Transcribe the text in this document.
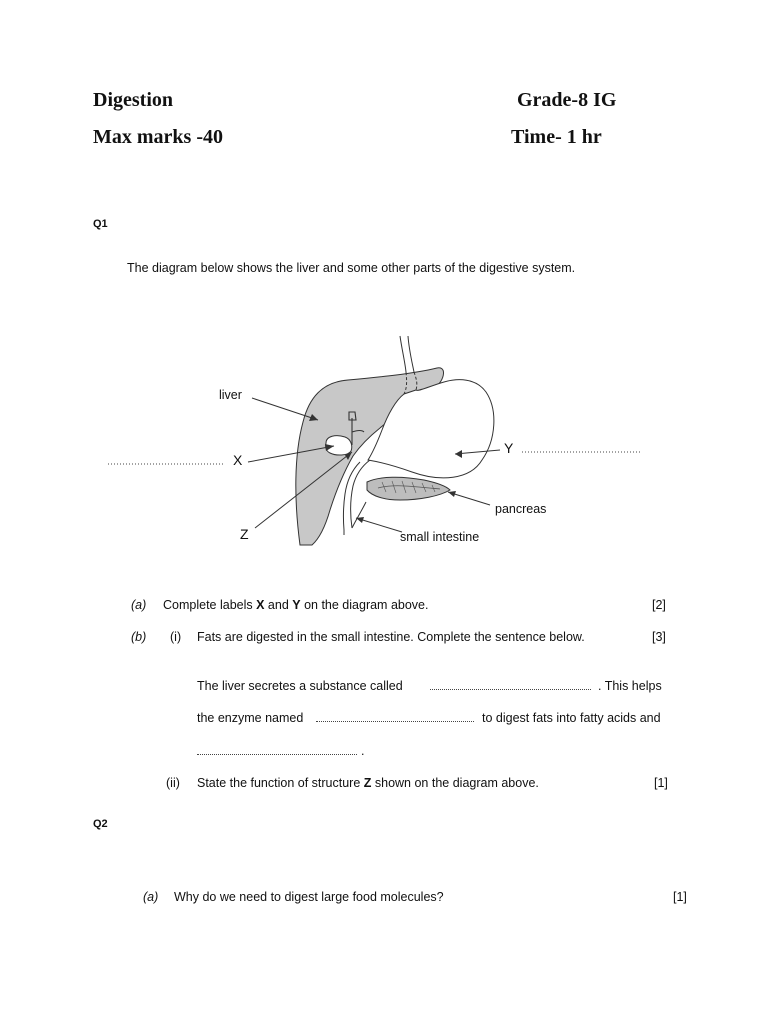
Digestion	Grade-8 IG
Max marks -40	Time- 1 hr
Q1
The diagram below shows the liver and some other parts of the digestive system.
liver
X
Y
Z
pancreas
small intestine
(a) Complete labels X and Y on the diagram above.	[2]
(b) (i) Fats are digested in the small intestine. Complete the sentence below.	[3]
The liver secretes a substance called	. This helps
the enzyme named	to digest fats into fatty acids and
.
(ii) State the function of structure Z shown on the diagram above.	[1]
Q2
(a) Why do we need to digest large food molecules?	[1]
